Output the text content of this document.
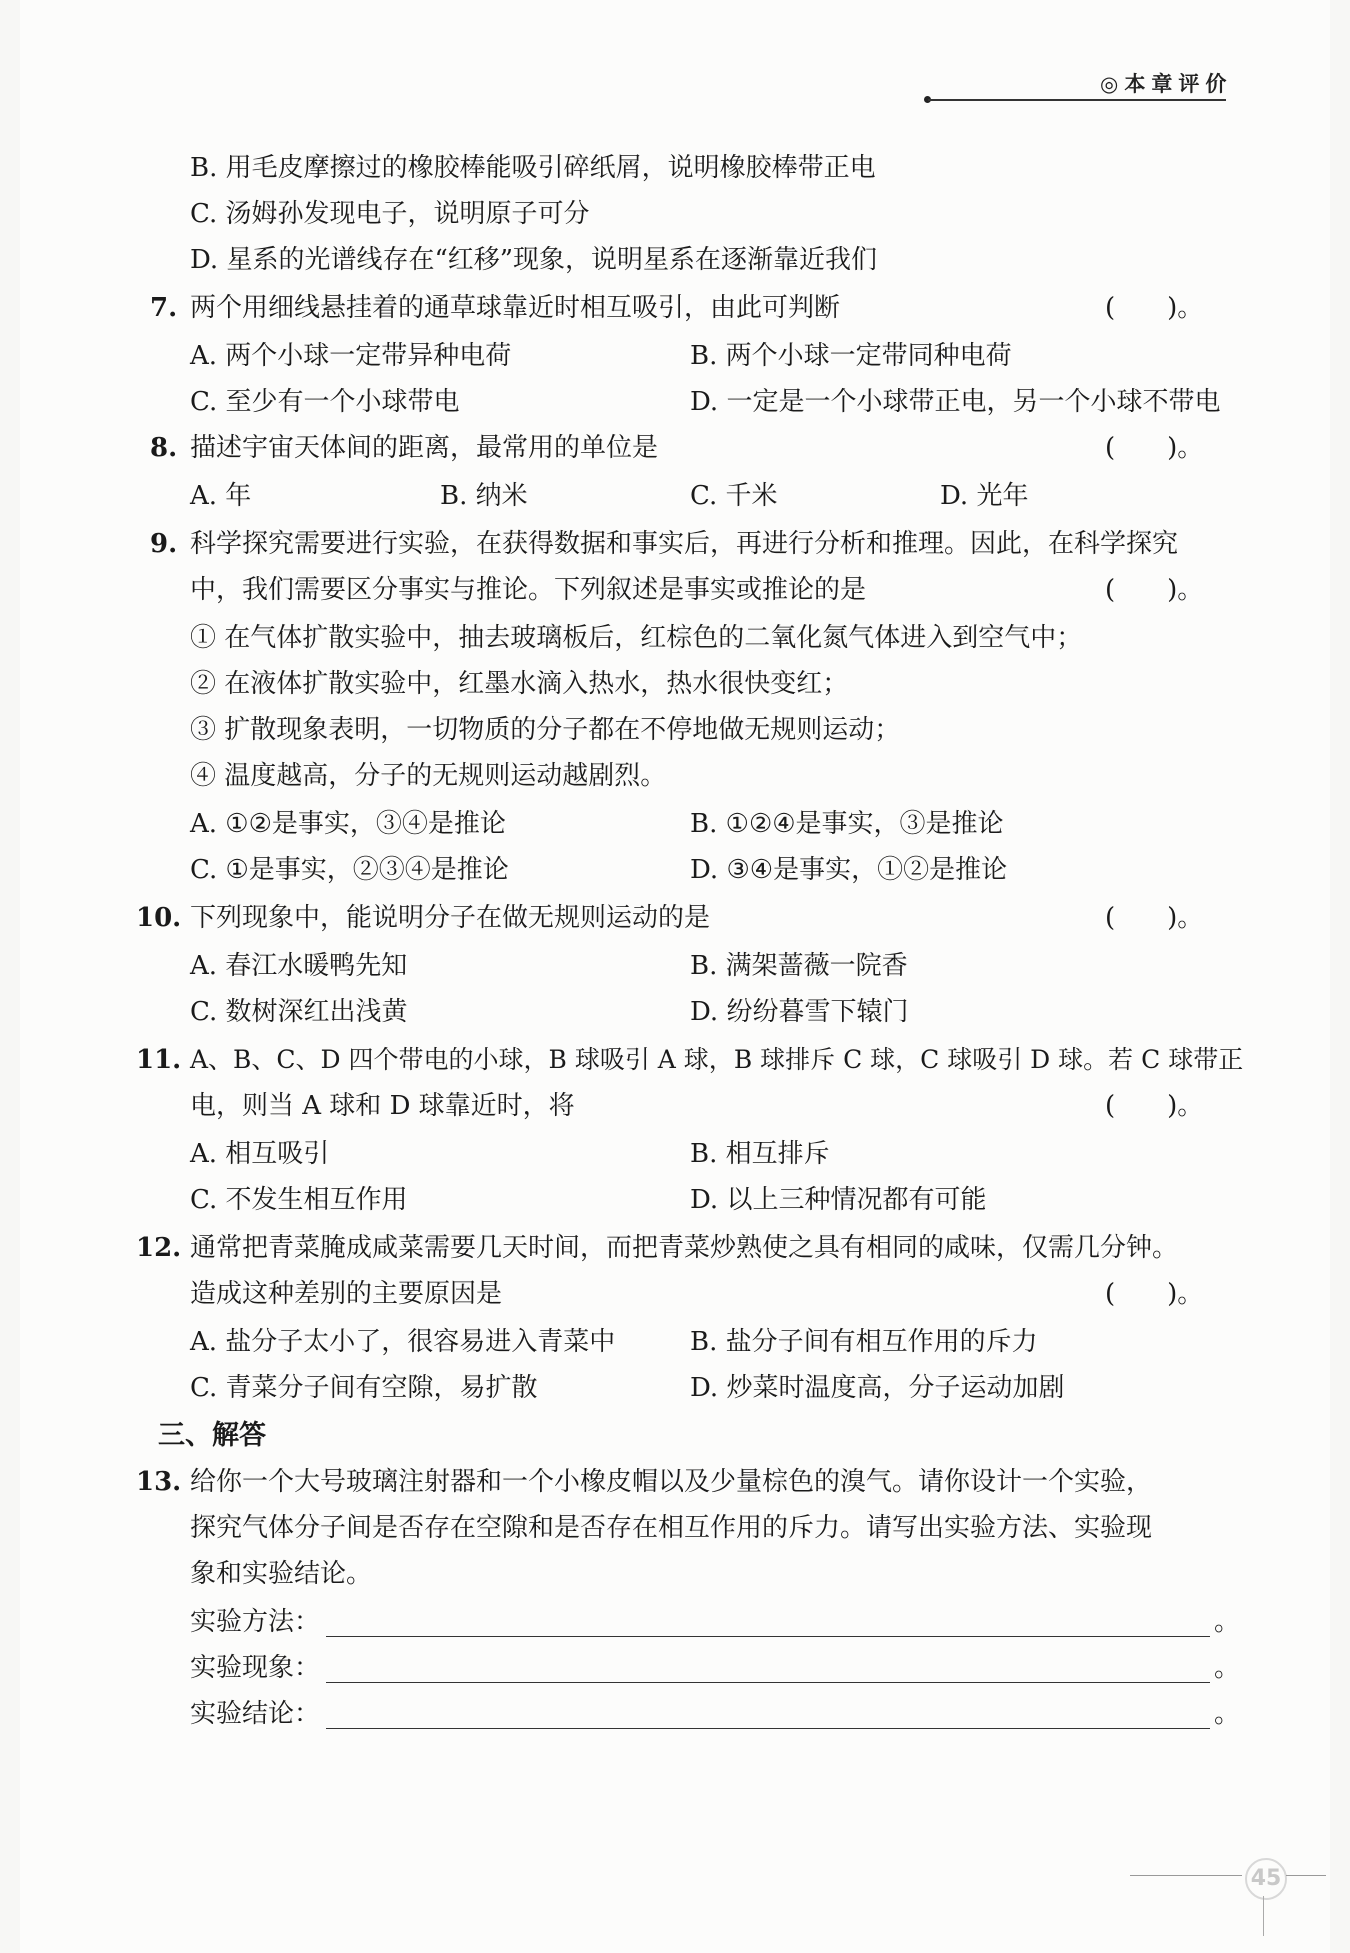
◎本章评价
B. 用毛皮摩擦过的橡胶棒能吸引碎纸屑，说明橡胶棒带正电
C. 汤姆孙发现电子，说明原子可分
D. 星系的光谱线存在“红移”现象，说明星系在逐渐靠近我们
7. 两个用细线悬挂着的通草球靠近时相互吸引，由此可判断	(　　)。
A. 两个小球一定带异种电荷	B. 两个小球一定带同种电荷
C. 至少有一个小球带电	D. 一定是一个小球带正电，另一个小球不带电
8. 描述宇宙天体间的距离，最常用的单位是	(　　)。
A. 年	B. 纳米	C. 千米	D. 光年
9. 科学探究需要进行实验，在获得数据和事实后，再进行分析和推理。因此，在科学探究
中，我们需要区分事实与推论。下列叙述是事实或推论的是	(　　)。
① 在气体扩散实验中，抽去玻璃板后，红棕色的二氧化氮气体进入到空气中；
② 在液体扩散实验中，红墨水滴入热水，热水很快变红；
③ 扩散现象表明，一切物质的分子都在不停地做无规则运动；
④ 温度越高，分子的无规则运动越剧烈。
A. ①②是事实，③④是推论	B. ①②④是事实，③是推论
C. ①是事实，②③④是推论	D. ③④是事实，①②是推论
10. 下列现象中，能说明分子在做无规则运动的是	(　　)。
A. 春江水暖鸭先知	B. 满架蔷薇一院香
C. 数树深红出浅黄	D. 纷纷暮雪下辕门
11. A、B、C、D 四个带电的小球，B 球吸引 A 球，B 球排斥 C 球，C 球吸引 D 球。若 C 球带正
电，则当 A 球和 D 球靠近时，将	(　　)。
A. 相互吸引	B. 相互排斥
C. 不发生相互作用	D. 以上三种情况都有可能
12. 通常把青菜腌成咸菜需要几天时间，而把青菜炒熟使之具有相同的咸味，仅需几分钟。
造成这种差别的主要原因是	(　　)。
A. 盐分子太小了，很容易进入青菜中	B. 盐分子间有相互作用的斥力
C. 青菜分子间有空隙，易扩散	D. 炒菜时温度高，分子运动加剧
三、解答
13. 给你一个大号玻璃注射器和一个小橡皮帽以及少量棕色的溴气。请你设计一个实验，
探究气体分子间是否存在空隙和是否存在相互作用的斥力。请写出实验方法、实验现
象和实验结论。
实验方法：	。
实验现象：	。
实验结论：	。
45
